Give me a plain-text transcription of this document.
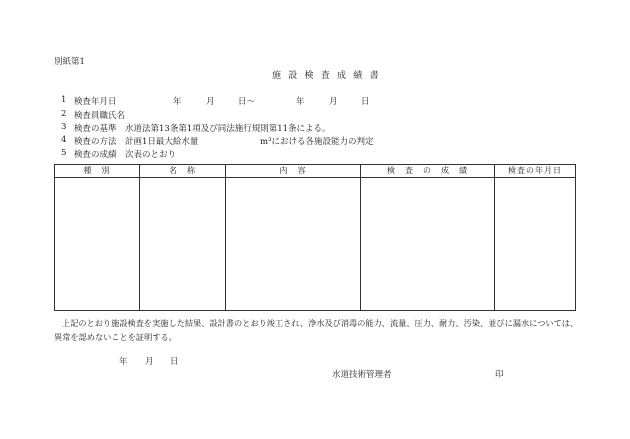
別紙第1
施 設 検 査 成 績 書
1 検査年月日	年	月	日〜	年	月	日
2 検査員職氏名
3 検査の基準 水道法第13条第1項及び同法施行規則第11条による。
4 検査の方法 計画1日最大給水量	m³における各施設能力の判定
5 検査の成績 次表のとおり
種　別	名　称	内　容	検　査　の　成　績	検査の年月日

上記のとおり施設検査を実施した結果、設計書のとおり竣工され、浄水及び消毒の能力、流量、圧力、耐力、汚染、並びに漏水については、
異常を認めないことを証明する。
年 月 日
水道技術管理者	印
